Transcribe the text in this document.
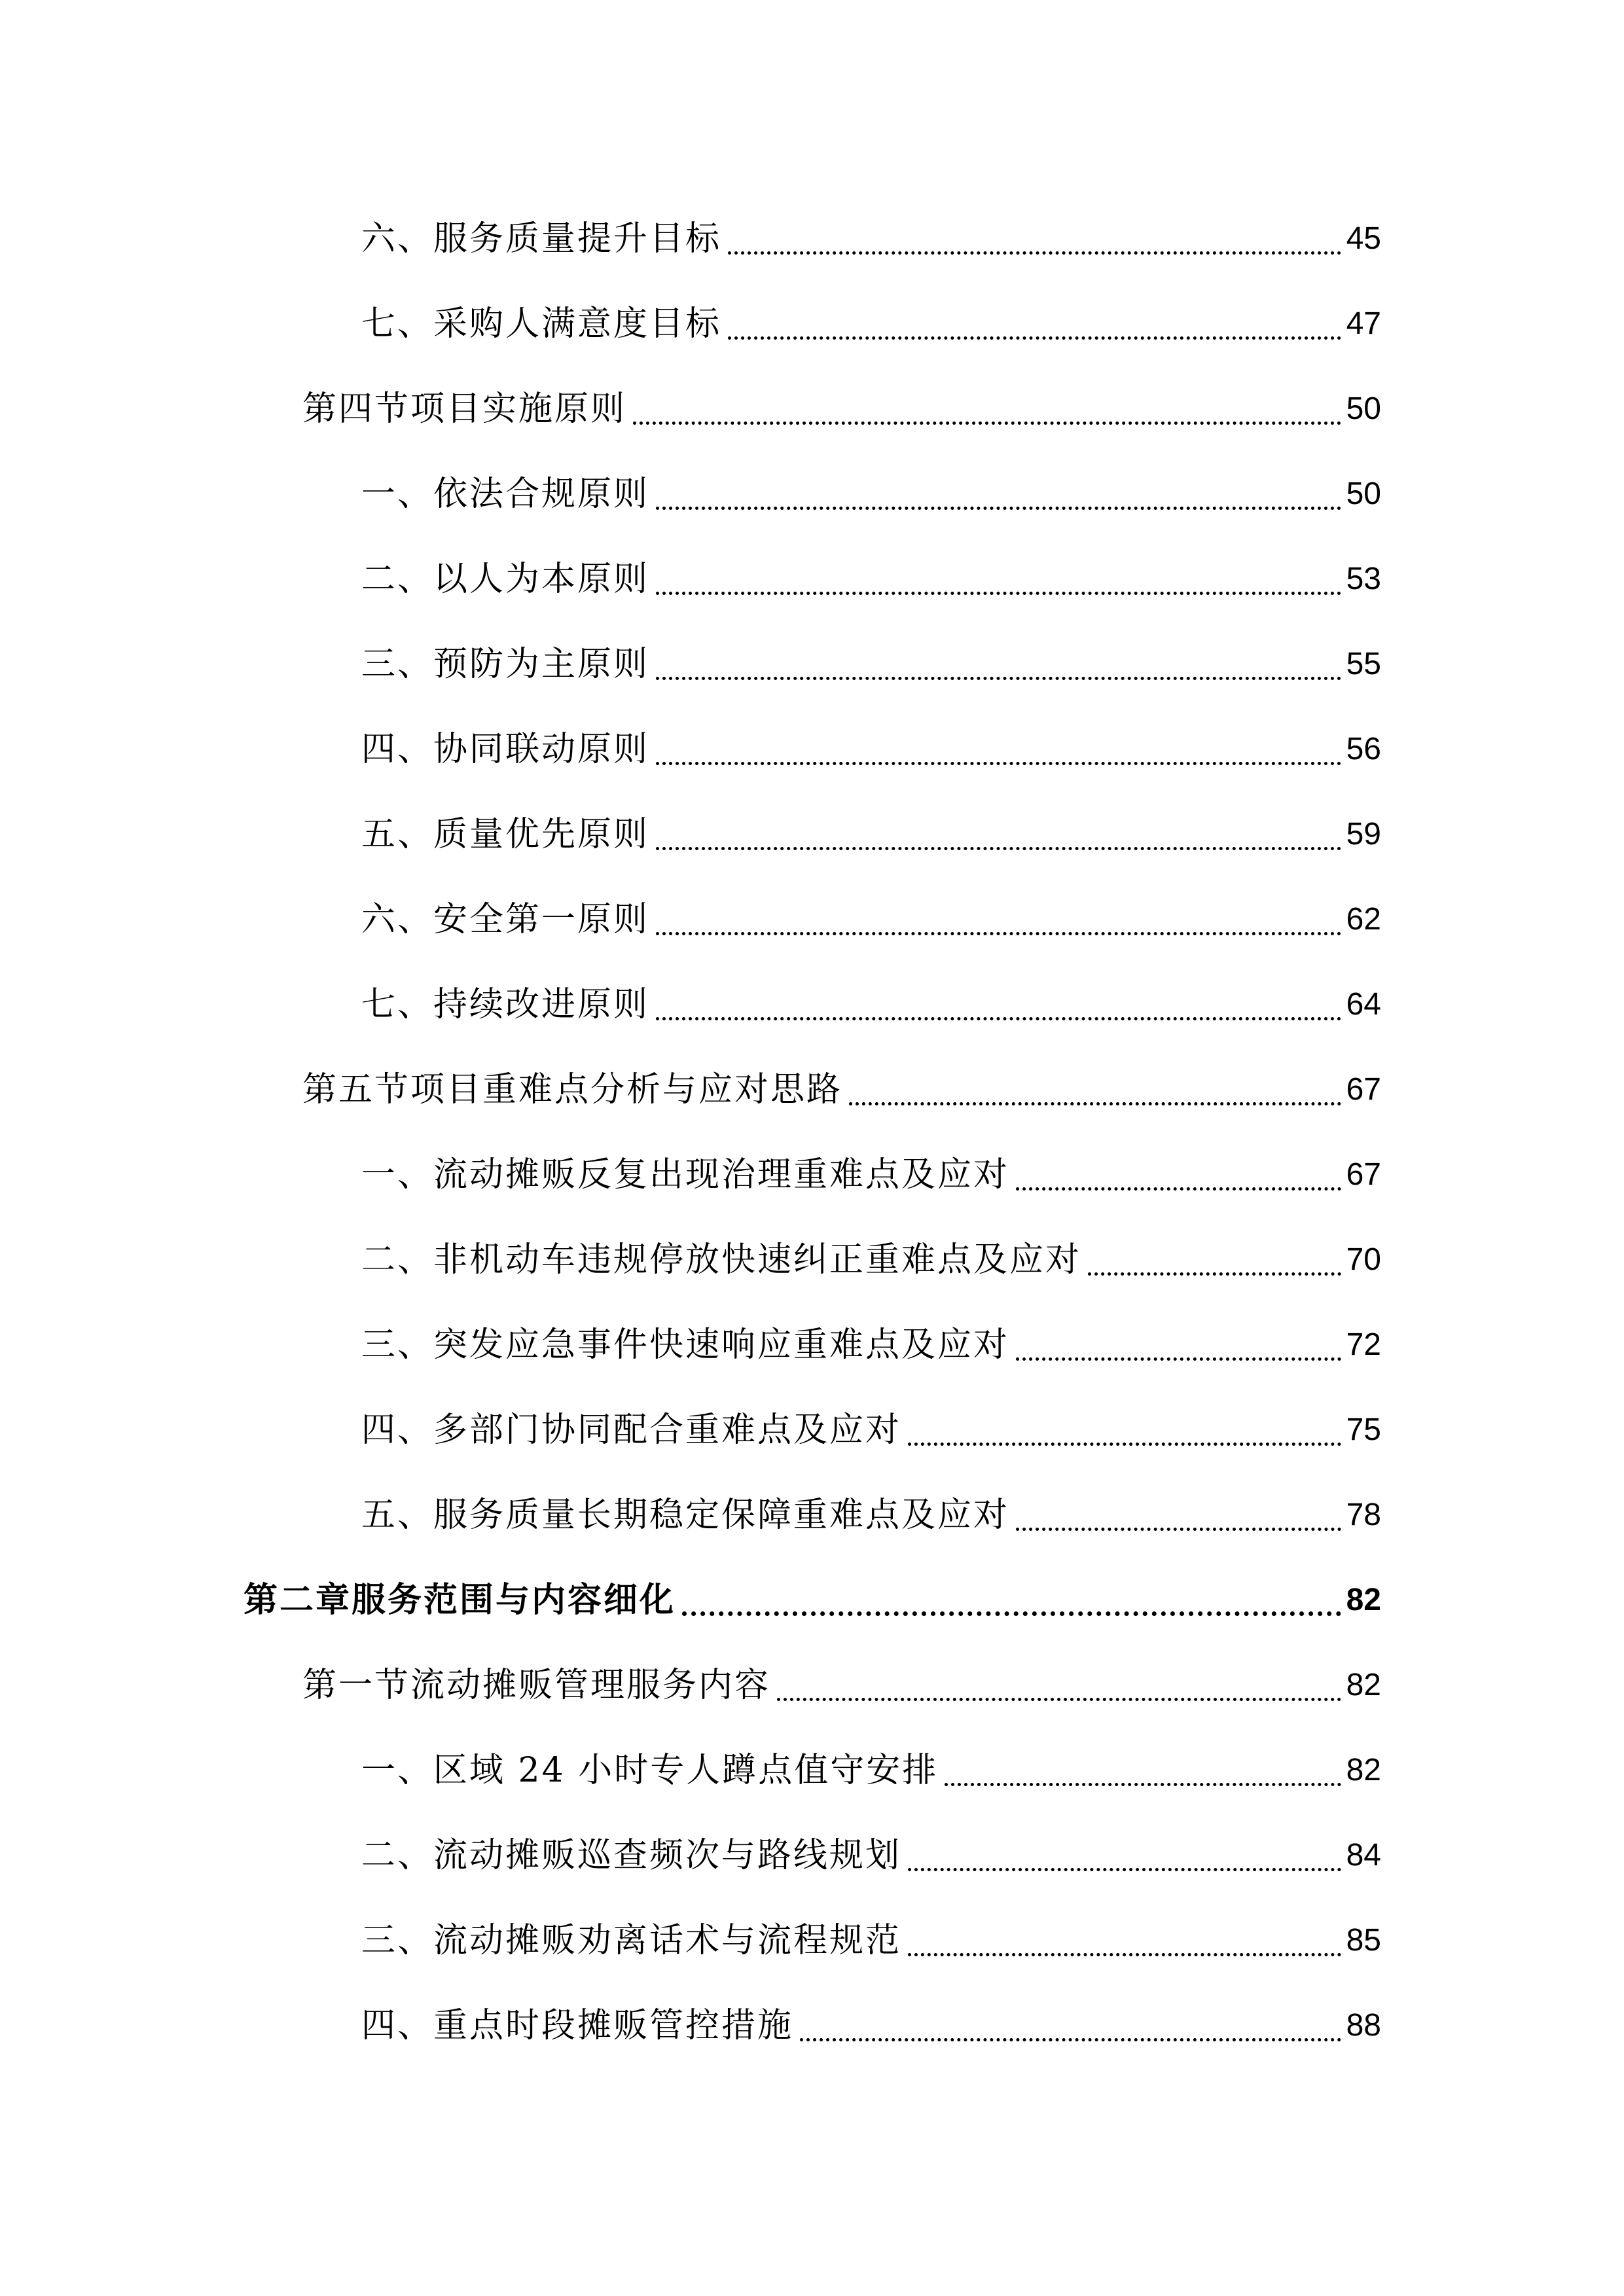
六、服务质量提升目标	45
七、采购人满意度目标	47
第四节项目实施原则	50
一、依法合规原则	50
二、以人为本原则	53
三、预防为主原则	55
四、协同联动原则	56
五、质量优先原则	59
六、安全第一原则	62
七、持续改进原则	64
第五节项目重难点分析与应对思路	67
一、流动摊贩反复出现治理重难点及应对	67
二、非机动车违规停放快速纠正重难点及应对	70
三、突发应急事件快速响应重难点及应对	72
四、多部门协同配合重难点及应对	75
五、服务质量长期稳定保障重难点及应对	78
第二章服务范围与内容细化	82
第一节流动摊贩管理服务内容	82
一、区域 24 小时专人蹲点值守安排	82
二、流动摊贩巡查频次与路线规划	84
三、流动摊贩劝离话术与流程规范	85
四、重点时段摊贩管控措施	88
